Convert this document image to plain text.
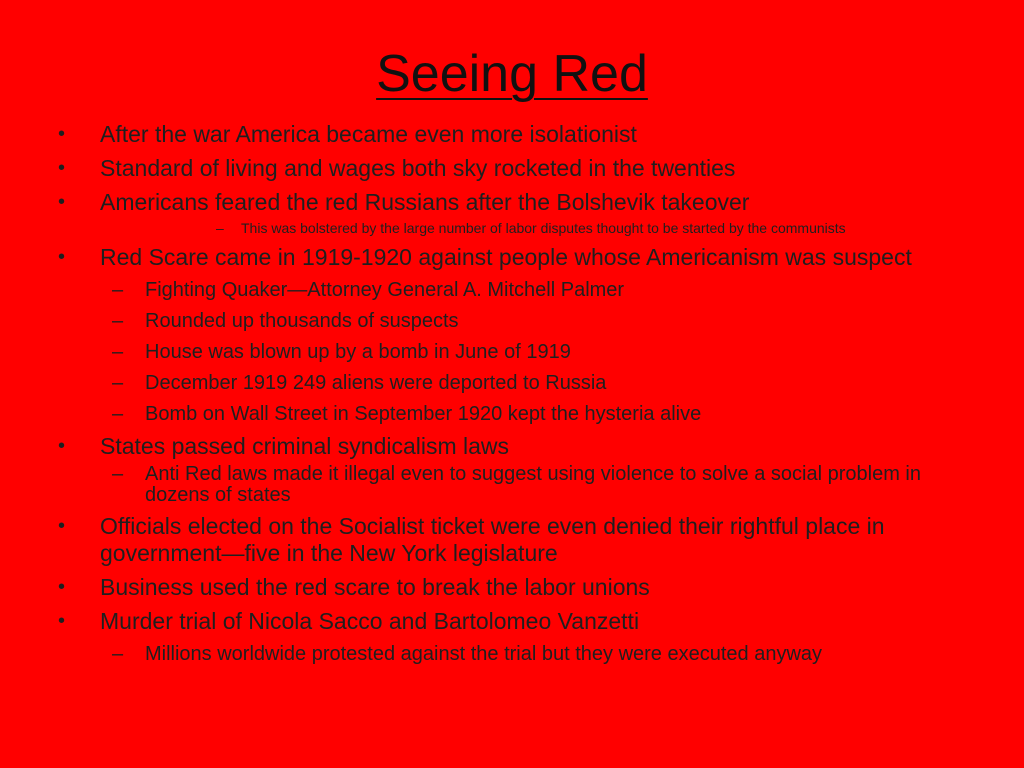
Seeing Red
• After the war America became even more isolationist
• Standard of living and wages both sky rocketed in the twenties
• Americans feared the red Russians after the Bolshevik takeover
– This was bolstered by the large number of labor disputes thought to be started by the communists
• Red Scare came in 1919-1920 against people whose Americanism was suspect
– Fighting Quaker—Attorney General A. Mitchell Palmer
– Rounded up thousands of suspects
– House was blown up by a bomb in June of 1919
– December 1919 249 aliens were deported to Russia
– Bomb on Wall Street in September 1920 kept the hysteria alive
• States passed criminal syndicalism laws
– Anti Red laws made it illegal even to suggest using violence to solve a social problem in dozens of states
• Officials elected on the Socialist ticket were even denied their rightful place in government—five in the New York legislature
• Business used the red scare to break the labor unions
• Murder trial of Nicola Sacco and Bartolomeo Vanzetti
– Millions worldwide protested against the trial but they were executed anyway
